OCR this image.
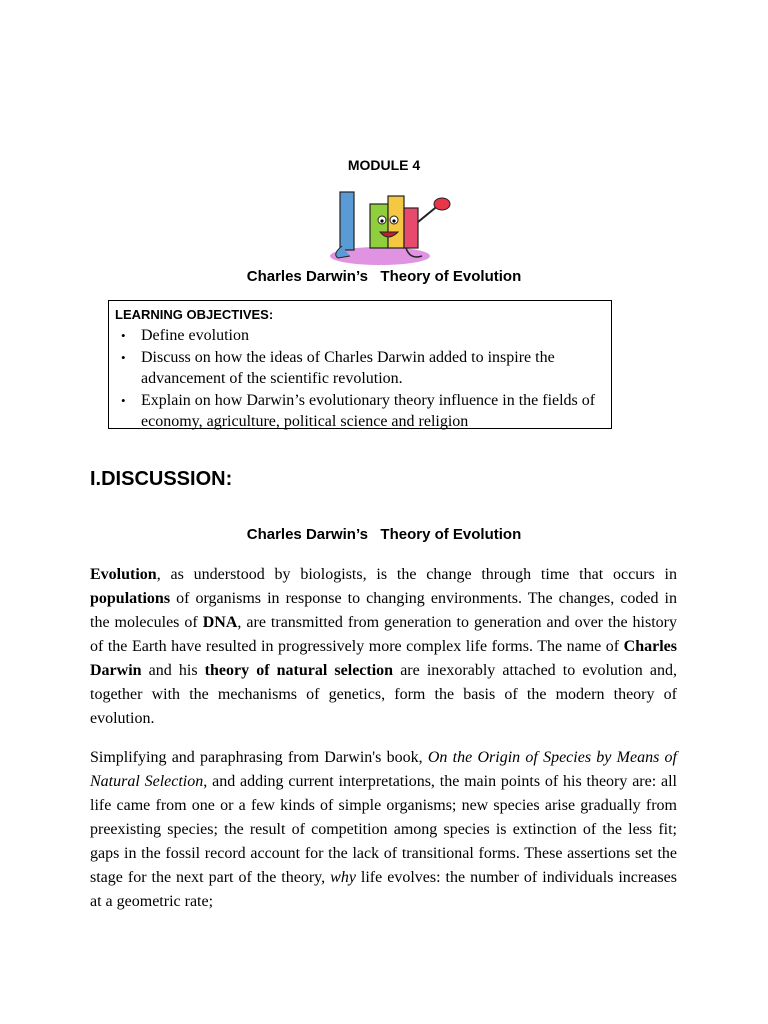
MODULE 4
Charles Darwin’s   Theory of Evolution
LEARNING OBJECTIVES:
• Define evolution
• Discuss on how the ideas of Charles Darwin added to inspire the advancement of the scientific revolution.
• Explain on how Darwin’s evolutionary theory influence in the fields of economy, agriculture, political science and religion
I.DISCUSSION:
Charles Darwin’s   Theory of Evolution

Evolution, as understood by biologists, is the change through time that occurs in populations of organisms in response to changing environments. The changes, coded in the molecules of DNA, are transmitted from generation to generation and over the history of the Earth have resulted in progressively more complex life forms. The name of Charles Darwin and his theory of natural selection are inexorably attached to evolution and, together with the mechanisms of genetics, form the basis of the modern theory of evolution.

Simplifying and paraphrasing from Darwin's book, On the Origin of Species by Means of Natural Selection, and adding current interpretations, the main points of his theory are: all life came from one or a few kinds of simple organisms; new species arise gradually from preexisting species; the result of competition among species is extinction of the less fit; gaps in the fossil record account for the lack of transitional forms. These assertions set the stage for the next part of the theory, why life evolves: the number of individuals increases at a geometric rate;
